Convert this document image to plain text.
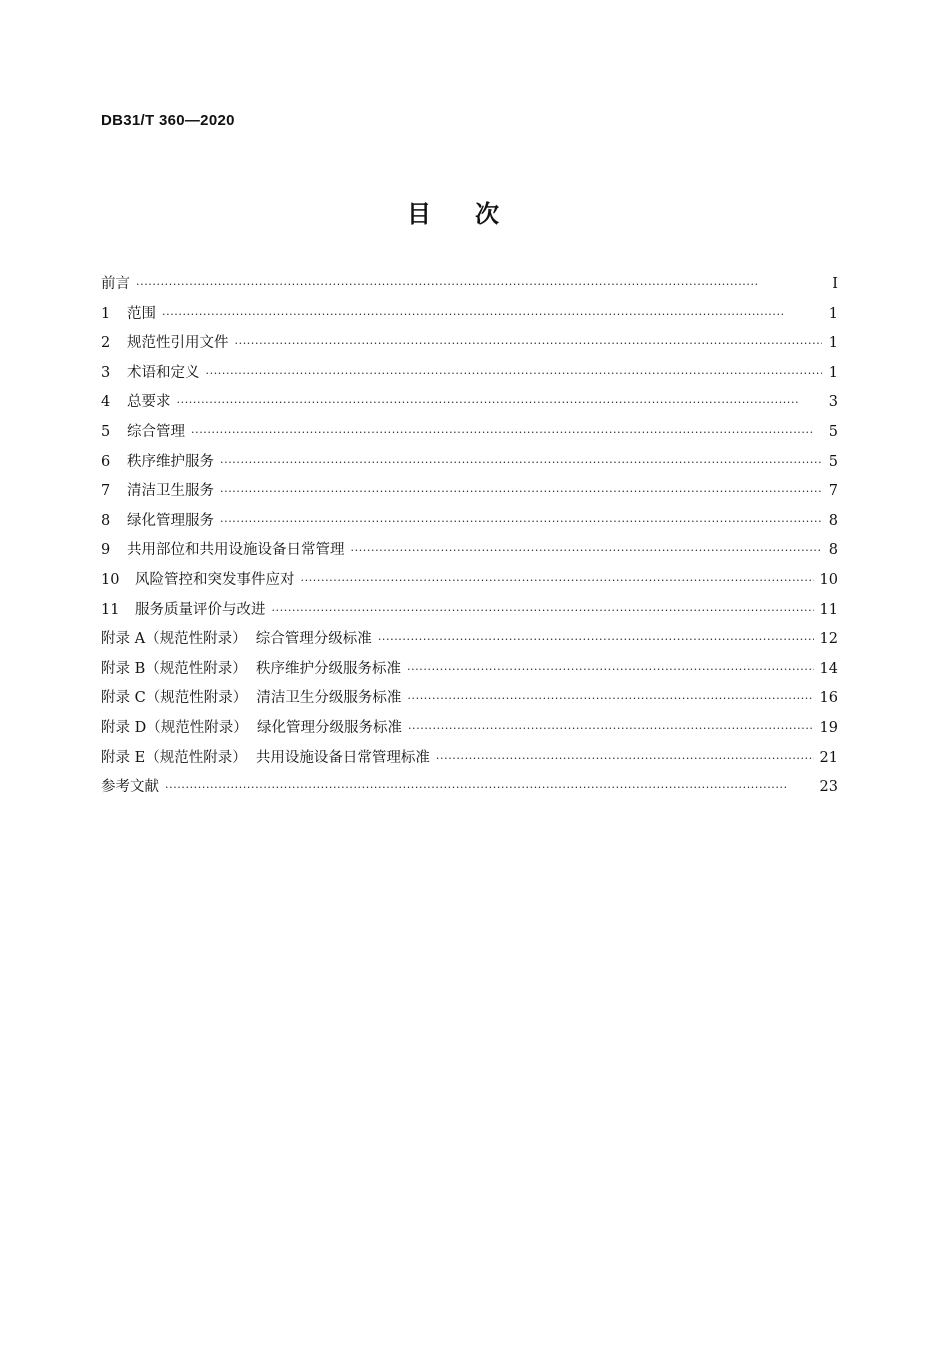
DB31/T 360—2020
目次
前言 ·····	I
1	范围 ·····	1
2	规范性引用文件 ·····	1
3	术语和定义 ·····	1
4	总要求 ·····	3
5	综合管理 ·····	5
6	秩序维护服务 ·····	5
7	清洁卫生服务 ·····	7
8	绿化管理服务 ·····	8
9	共用部位和共用设施设备日常管理 ·····	8
10	风险管控和突发事件应对 ·····	10
11	服务质量评价与改进 ·····	11
附录 A（规范性附录）  综合管理分级标准 ·····	12
附录 B（规范性附录）  秩序维护分级服务标准 ·····	14
附录 C（规范性附录）  清洁卫生分级服务标准 ·····	16
附录 D（规范性附录）  绿化管理分级服务标准 ·····	19
附录 E（规范性附录）  共用设施设备日常管理标准 ·····	21
参考文献 ·····	23
